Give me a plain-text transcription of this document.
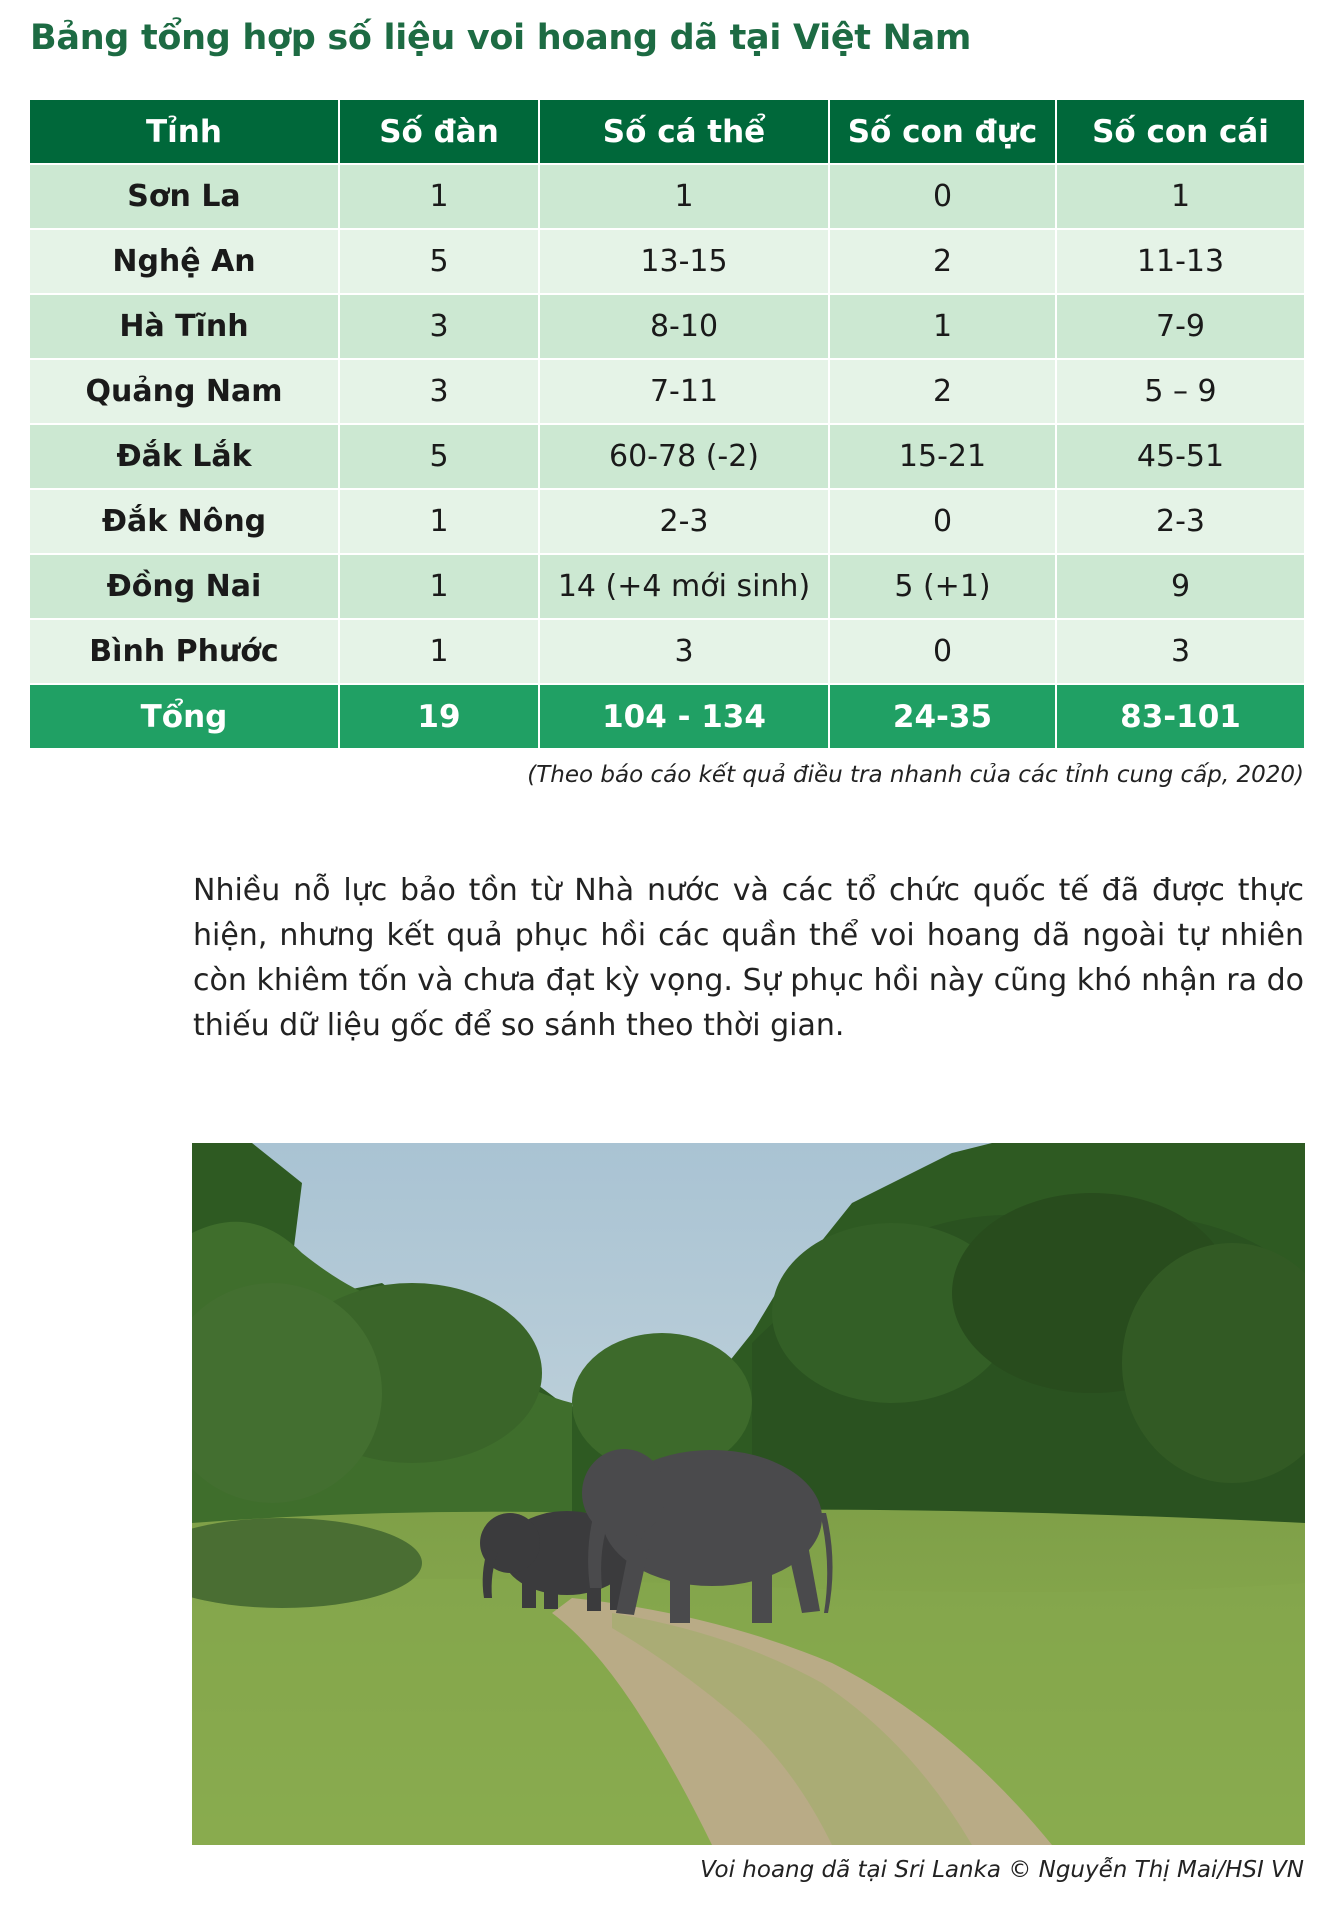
Bảng tổng hợp số liệu voi hoang dã tại Việt Nam
Tỉnh	Số đàn	Số cá thể	Số con đực	Số con cái
Sơn La	1	1	0	1
Nghệ An	5	13-15	2	11-13
Hà Tĩnh	3	8-10	1	7-9
Quảng Nam	3	7-11	2	5 – 9
Đắk Lắk	5	60-78 (-2)	15-21	45-51
Đắk Nông	1	2-3	0	2-3
Đồng Nai	1	14 (+4 mới sinh)	5 (+1)	9
Bình Phước	1	3	0	3
Tổng	19	104 - 134	24-35	83-101
(Theo báo cáo kết quả điều tra nhanh của các tỉnh cung cấp, 2020)

Nhiều nỗ lực bảo tồn từ Nhà nước và các tổ chức quốc tế đã được thực hiện, nhưng kết quả phục hồi các quần thể voi hoang dã ngoài tự nhiên còn khiêm tốn và chưa đạt kỳ vọng. Sự phục hồi này cũng khó nhận ra do thiếu dữ liệu gốc để so sánh theo thời gian.

Voi hoang dã tại Sri Lanka © Nguyễn Thị Mai/HSI VN
